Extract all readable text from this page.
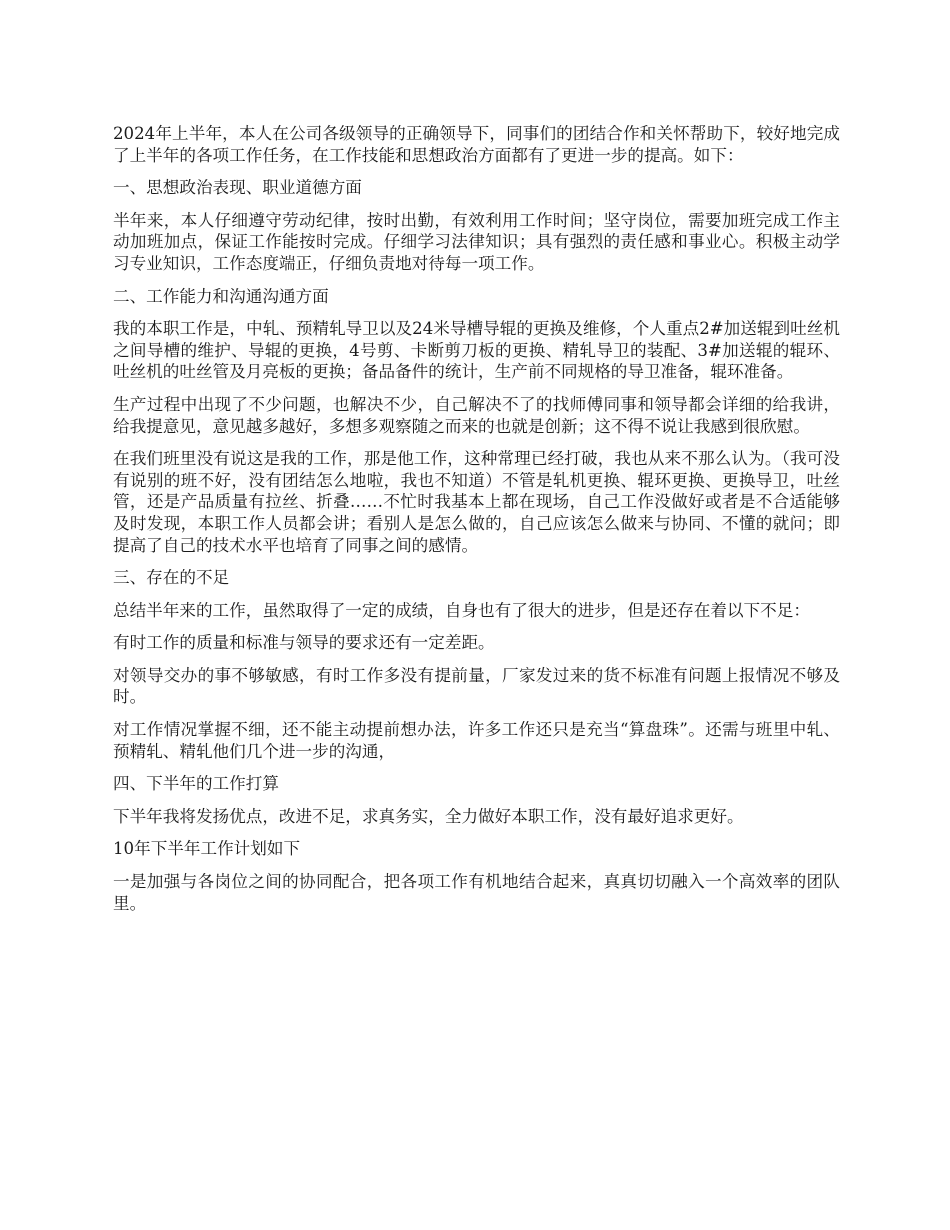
2024年上半年，本人在公司各级领导的正确领导下，同事们的团结合作和关怀帮助下，较好地完成了上半年的各项工作任务，在工作技能和思想政治方面都有了更进一步的提高。如下：

一、思想政治表现、职业道德方面

半年来，本人仔细遵守劳动纪律，按时出勤，有效利用工作时间；坚守岗位，需要加班完成工作主动加班加点，保证工作能按时完成。仔细学习法律知识；具有强烈的责任感和事业心。积极主动学习专业知识，工作态度端正，仔细负责地对待每一项工作。

二、工作能力和沟通沟通方面

我的本职工作是，中轧、预精轧导卫以及24米导槽导辊的更换及维修，个人重点2#加送辊到吐丝机之间导槽的维护、导辊的更换，4号剪、卡断剪刀板的更换、精轧导卫的装配、3#加送辊的辊环、吐丝机的吐丝管及月亮板的更换；备品备件的统计，生产前不同规格的导卫准备，辊环准备。

生产过程中出现了不少问题，也解决不少，自己解决不了的找师傅同事和领导都会详细的给我讲，给我提意见，意见越多越好，多想多观察随之而来的也就是创新；这不得不说让我感到很欣慰。

在我们班里没有说这是我的工作，那是他工作，这种常理已经打破，我也从来不那么认为。（我可没有说别的班不好，没有团结怎么地啦，我也不知道）不管是轧机更换、辊环更换、更换导卫，吐丝管，还是产品质量有拉丝、折叠……不忙时我基本上都在现场，自己工作没做好或者是不合适能够及时发现，本职工作人员都会讲；看别人是怎么做的，自己应该怎么做来与协同、不懂的就问；即提高了自己的技术水平也培育了同事之间的感情。

三、存在的不足

总结半年来的工作，虽然取得了一定的成绩，自身也有了很大的进步，但是还存在着以下不足：

有时工作的质量和标准与领导的要求还有一定差距。

对领导交办的事不够敏感，有时工作多没有提前量，厂家发过来的货不标准有问题上报情况不够及时。

对工作情况掌握不细，还不能主动提前想办法，许多工作还只是充当“算盘珠”。还需与班里中轧、预精轧、精轧他们几个进一步的沟通，

四、下半年的工作打算

下半年我将发扬优点，改进不足，求真务实，全力做好本职工作，没有最好追求更好。

10年下半年工作计划如下

一是加强与各岗位之间的协同配合，把各项工作有机地结合起来，真真切切融入一个高效率的团队里。
